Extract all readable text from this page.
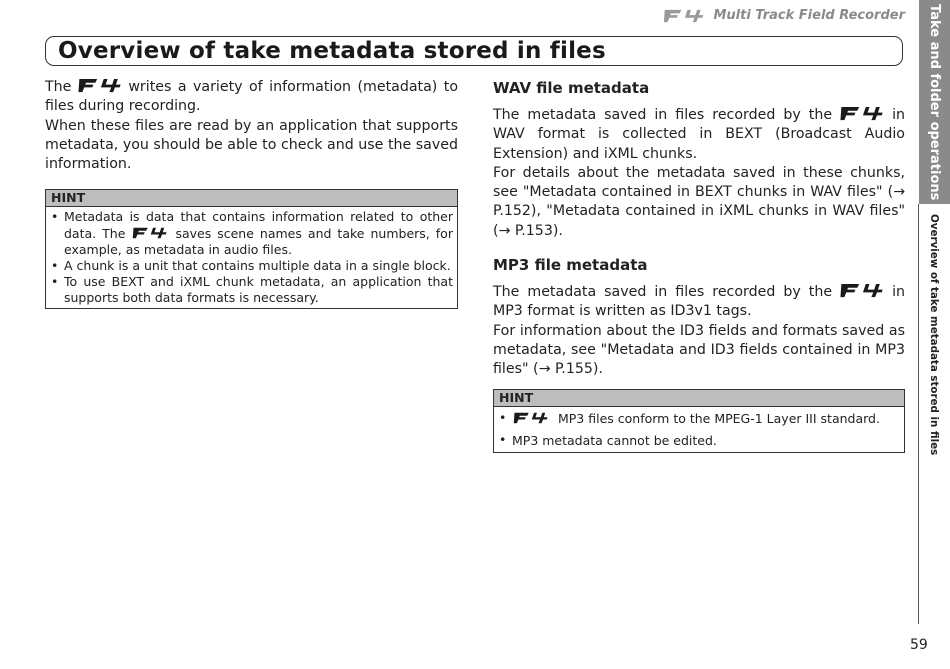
Multi Track Field Recorder
Overview of take metadata stored in files

The	writes a variety of information (metadata) to files during recording.

When these files are read by an application that supports metadata, you should be able to check and use the saved information.

HINT
• Metadata is data that contains information related to other data. The	saves scene names and take numbers, for example, as metadata in audio files.
• A chunk is a unit that contains multiple data in a single block.
• To use BEXT and iXML chunk metadata, an application that supports both data formats is necessary.
WAV file metadata

The metadata saved in files recorded by the	in WAV format is collected in BEXT (Broadcast Audio Extension) and iXML chunks.

For details about the metadata saved in these chunks, see "Metadata contained in BEXT chunks in WAV files" (→ P.152), "Metadata contained in iXML chunks in WAV files" (→ P.153).

MP3 file metadata

The metadata saved in files recorded by the	in MP3 format is written as ID3v1 tags.

For information about the ID3 fields and formats saved as metadata, see "Metadata and ID3 fields contained in MP3 files" (→ P.155).

HINT
• MP3 files conform to the MPEG-1 Layer III standard.
• MP3 metadata cannot be edited.
Take and folder operations
Overview of take metadata stored in files
59
